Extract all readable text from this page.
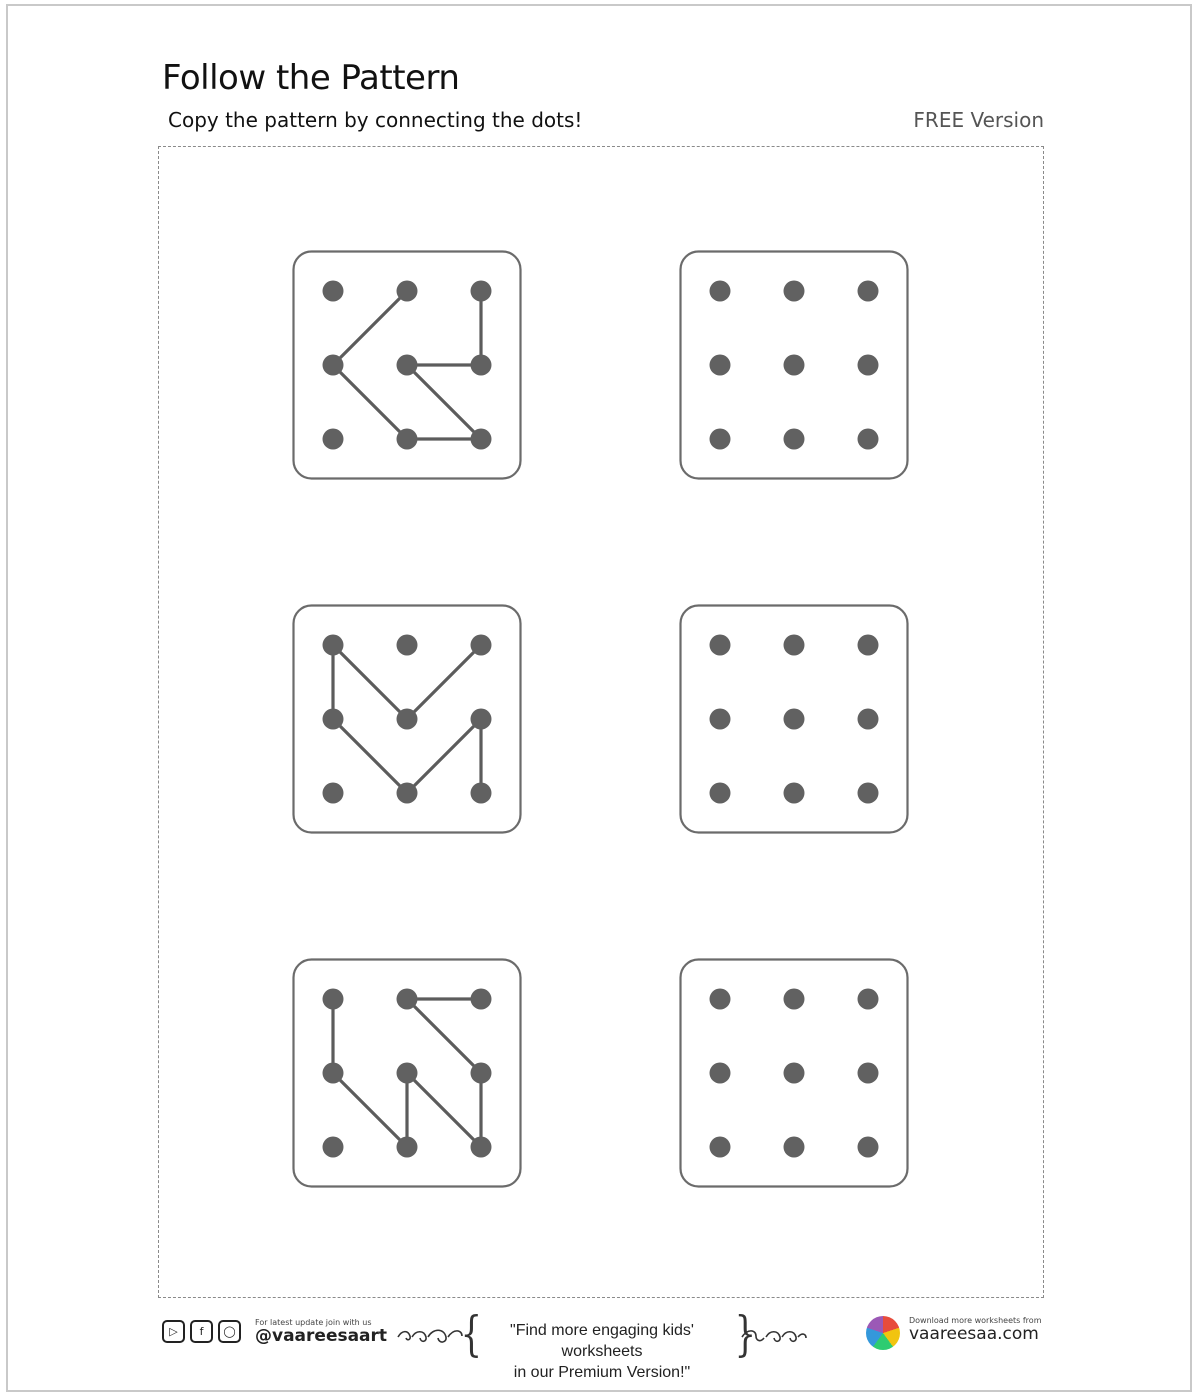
Follow the Pattern
Copy the pattern by connecting the dots!	FREE Version
▷	f	◯
For latest update join with us
@vaareesaart {	"Find more engaging kids' worksheets
in our Premium Version!"
}	Download more worksheets from
vaareesaa.com
